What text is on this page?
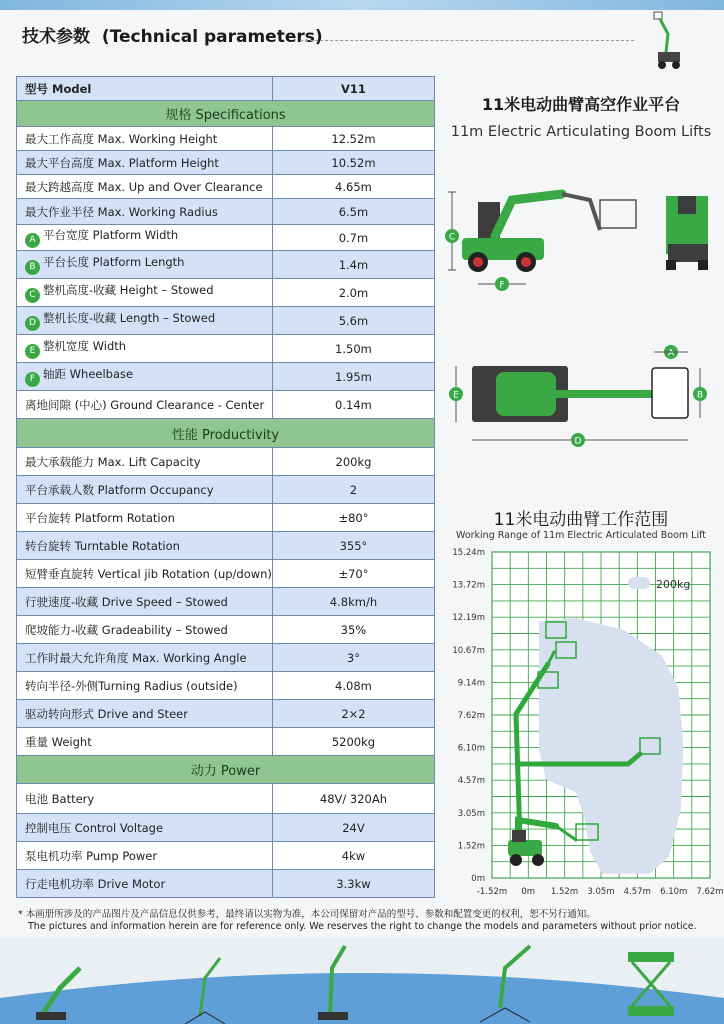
技术参数 (Technical parameters)
型号 Model	V11
规格 Specifications	
最大工作高度 Max. Working Height	12.52m
最大平台高度 Max. Platform Height	10.52m
最大跨越高度 Max. Up and Over Clearance	4.65m
最大作业半径 Max. Working Radius	6.5m
A 平台宽度 Platform Width	0.7m
B 平台长度 Platform Length	1.4m
C 整机高度-收藏 Height – Stowed	2.0m
D 整机长度-收藏 Length – Stowed	5.6m
E 整机宽度 Width	1.50m
F 轴距 Wheelbase	1.95m
离地间隙 (中心) Ground Clearance - Center	0.14m
性能 Productivity	
最大承载能力 Max. Lift Capacity	200kg
平台承载人数 Platform Occupancy	2
平台旋转 Platform Rotation	±80°
转台旋转 Turntable Rotation	355°
短臂垂直旋转 Vertical jib Rotation (up/down)	±70°
行驶速度-收藏 Drive Speed – Stowed	4.8km/h
爬坡能力-收藏 Gradeability – Stowed	35%
工作时最大允许角度 Max. Working Angle	3°
转向半径-外侧Turning Radius (outside)	4.08m
驱动转向形式 Drive and Steer	2×2
重量 Weight	5200kg
动力 Power	
电池 Battery	48V/ 320Ah
控制电压 Control Voltage	24V
泵电机功率 Pump Power	4kw
行走电机功率 Drive Motor	3.3kw
11米电动曲臂高空作业平台
11m Electric Articulating Boom Lifts
C
F
A
E	B
D
11米电动曲臂工作范围
Working Range of 11m Electric Articulated Boom Lift
200kg
15.24m
13.72m
12.19m
10.67m
9.14m
7.62m
6.10m
4.57m
3.05m
1.52m
0m
-1.52m 0m 1.52m 3.05m 4.57m 6.10m 7.62m
* 本画册所涉及的产品图片及产品信息仅供参考，最终请以实物为准，本公司保留对产品的型号、参数和配置变更的权利，恕不另行通知。
The pictures and information herein are for reference only. We reserves the right to change the models and parameters without prior notice.
